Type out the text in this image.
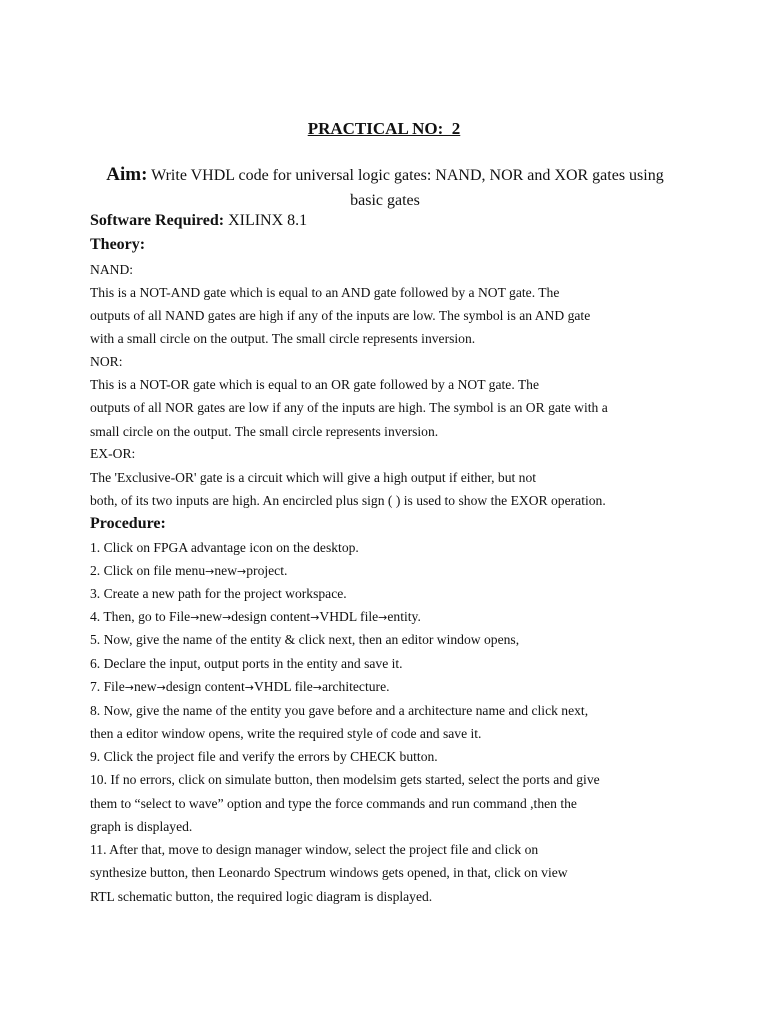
PRACTICAL NO:  2
Aim: Write VHDL code for universal logic gates: NAND, NOR and XOR gates using basic gates
Software Required: XILINX 8.1
Theory:
NAND:
This is a NOT-AND gate which is equal to an AND gate followed by a NOT gate. The
outputs of all NAND gates are high if any of the inputs are low. The symbol is an AND gate
with a small circle on the output. The small circle represents inversion.
NOR:
This is a NOT-OR gate which is equal to an OR gate followed by a NOT gate. The
outputs of all NOR gates are low if any of the inputs are high. The symbol is an OR gate with a
small circle on the output. The small circle represents inversion.
EX-OR:
The 'Exclusive-OR' gate is a circuit which will give a high output if either, but not
both, of its two inputs are high. An encircled plus sign ( ) is used to show the EXOR operation.
Procedure:
1. Click on FPGA advantage icon on the desktop.
2. Click on file menu→new→project.
3. Create a new path for the project workspace.
4. Then, go to File→new→design content→VHDL file→entity.
5. Now, give the name of the entity & click next, then an editor window opens,
6. Declare the input, output ports in the entity and save it.
7. File→new→design content→VHDL file→architecture.
8. Now, give the name of the entity you gave before and a architecture name and click next,
then a editor window opens, write the required style of code and save it.
9. Click the project file and verify the errors by CHECK button.
10. If no errors, click on simulate button, then modelsim gets started, select the ports and give
them to “select to wave” option and type the force commands and run command ,then the
graph is displayed.
11. After that, move to design manager window, select the project file and click on
synthesize button, then Leonardo Spectrum windows gets opened, in that, click on view
RTL schematic button, the required logic diagram is displayed.
